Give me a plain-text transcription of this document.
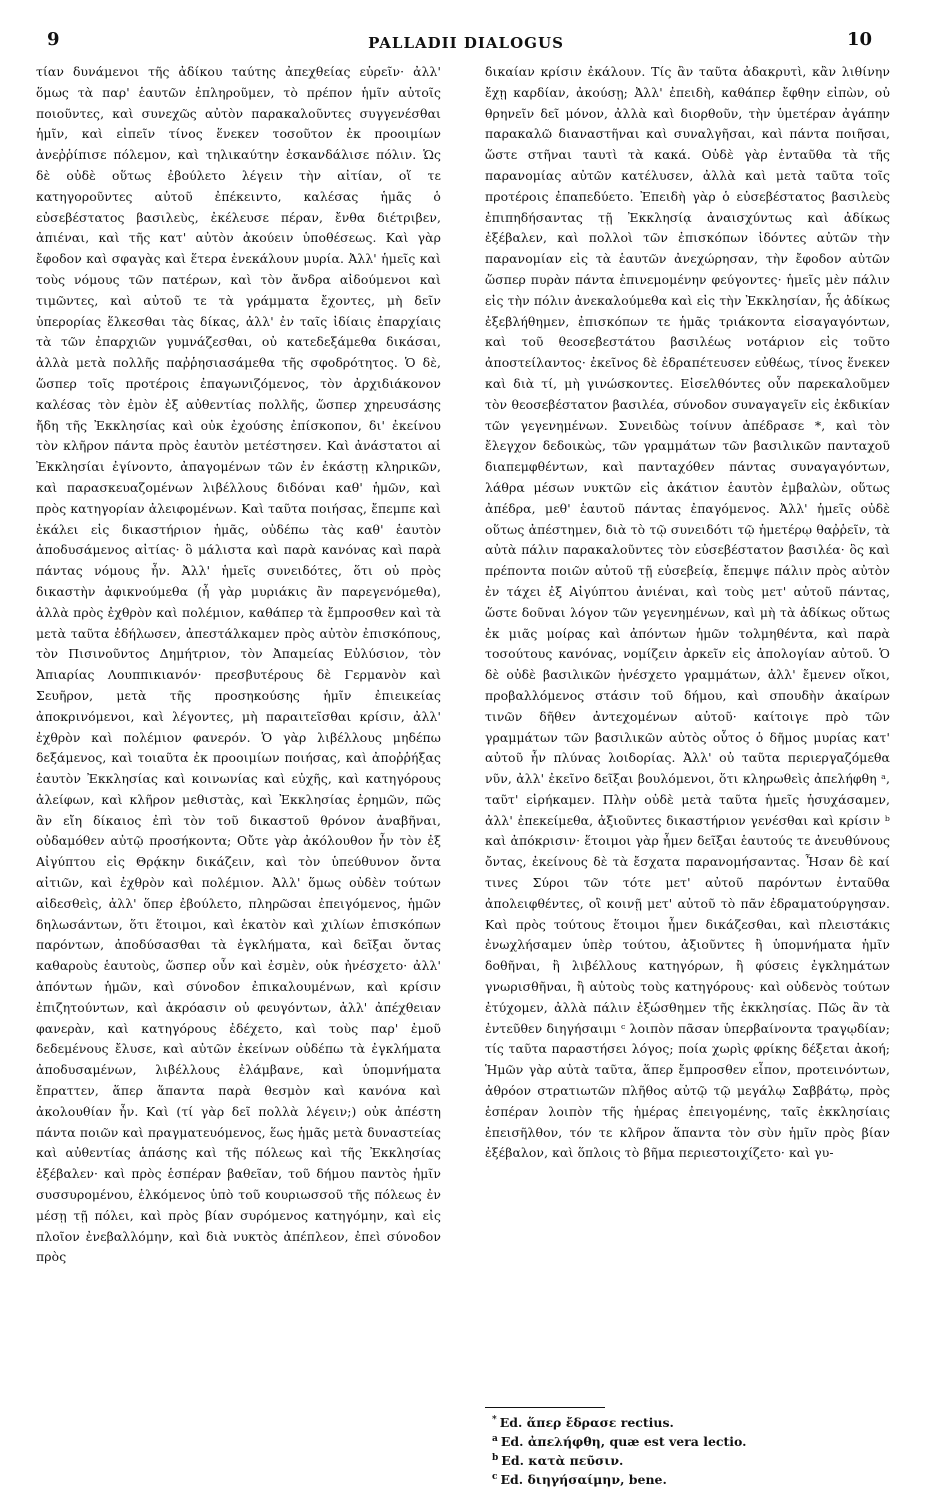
9	PALLADII DIALOGUS	10

τίαν δυνάμενοι τῆς ἀδίκου ταύτης ἀπεχθείας εὑρεῖν· ἀλλ' ὅμως τὰ παρ' ἑαυτῶν ἐπληροῦμεν, τὸ πρέπον ἡμῖν αὐτοῖς ποιοῦντες, καὶ συνεχῶς αὐτὸν παρακαλοῦντες συγγενέσθαι ἡμῖν, καὶ εἰπεῖν τίνος ἕνεκεν τοσοῦτον ἐκ προοιμίων ἀνεῤῥίπισε πόλεμον, καὶ τηλικαύτην ἐσκανδάλισε πόλιν. Ὡς δὲ οὐδὲ οὕτως ἐβούλετο λέγειν τὴν αἰτίαν, οἵ τε κατηγοροῦντες αὐτοῦ ἐπέκειντο, καλέσας ἡμᾶς ὁ εὐσεβέστατος βασιλεὺς, ἐκέλευσε πέραν, ἔνθα διέτριβεν, ἀπιέναι, καὶ τῆς κατ' αὐτὸν ἀκούειν ὑποθέσεως. Καὶ γὰρ ἔφοδον καὶ σφαγὰς καὶ ἕτερα ἐνεκάλουν μυρία. Ἀλλ' ἡμεῖς καὶ τοὺς νόμους τῶν πατέρων, καὶ τὸν ἄνδρα αἰδούμενοι καὶ τιμῶντες, καὶ αὐτοῦ τε τὰ γράμματα ἔχοντες, μὴ δεῖν ὑπερορίας ἕλκεσθαι τὰς δίκας, ἀλλ' ἐν ταῖς ἰδίαις ἐπαρχίαις τὰ τῶν ἐπαρχιῶν γυμνάζεσθαι, οὐ κατεδεξάμεθα δικάσαι, ἀλλὰ μετὰ πολλῆς παῤῥησιασάμεθα τῆς σφοδρότητος. Ὁ δὲ, ὥσπερ τοῖς προτέροις ἐπαγωνιζόμενος, τὸν ἀρχιδιάκονον καλέσας τὸν ἐμὸν ἐξ αὐθεντίας πολλῆς, ὥσπερ χηρευσάσης ἤδη τῆς Ἐκκλησίας καὶ οὐκ ἐχούσης ἐπίσκοπον, δι' ἐκείνου τὸν κλῆρον πάντα πρὸς ἑαυτὸν μετέστησεν. Καὶ ἀνάστατοι αἱ Ἐκκλησίαι ἐγίνοντο, ἀπαγομένων τῶν ἐν ἑκάστῃ κληρικῶν, καὶ παρασκευαζομένων λιβέλλους διδόναι καθ' ἡμῶν, καὶ πρὸς κατηγορίαν ἀλειφομένων. Καὶ ταῦτα ποιήσας, ἔπεμπε καὶ ἐκάλει εἰς δικαστήριον ἡμᾶς, οὐδέπω τὰς καθ' ἑαυτὸν ἀποδυσάμενος αἰτίας· ὃ μάλιστα καὶ παρὰ κανόνας καὶ παρὰ πάντας νόμους ἦν. Ἀλλ' ἡμεῖς συνειδότες, ὅτι οὐ πρὸς δικαστὴν ἀφικνούμεθα (ἦ γὰρ μυριάκις ἂν παρεγενόμεθα), ἀλλὰ πρὸς ἐχθρὸν καὶ πολέμιον, καθάπερ τὰ ἔμπροσθεν καὶ τὰ μετὰ ταῦτα ἐδήλωσεν, ἀπεστάλκαμεν πρὸς αὐτὸν ἐπισκόπους, τὸν Πισινοῦντος Δημήτριον, τὸν Ἀπαμείας Εὐλύσιον, τὸν Ἀπιαρίας Λουππικιανόν· πρεσβυτέρους δὲ Γερμανὸν καὶ Σευῆρον, μετὰ τῆς προσηκούσης ἡμῖν ἐπιεικείας ἀποκρινόμενοι, καὶ λέγοντες, μὴ παραιτεῖσθαι κρίσιν, ἀλλ' ἐχθρὸν καὶ πολέμιον φανερόν. Ὁ γὰρ λιβέλλους μηδέπω δεξάμενος, καὶ τοιαῦτα ἐκ προοιμίων ποιήσας, καὶ ἀποῤῥήξας ἑαυτὸν Ἐκκλησίας καὶ κοινωνίας καὶ εὐχῆς, καὶ κατηγόρους ἀλείφων, καὶ κλῆρον μεθιστὰς, καὶ Ἐκκλησίας ἐρημῶν, πῶς ἂν εἴη δίκαιος ἐπὶ τὸν τοῦ δικαστοῦ θρόνον ἀναβῆναι, οὐδαμόθεν αὐτῷ προσήκοντα; Οὔτε γὰρ ἀκόλουθον ἦν τὸν ἐξ Αἰγύπτου εἰς Θρᾴκην δικάζειν, καὶ τὸν ὑπεύθυνον ὄντα αἰτιῶν, καὶ ἐχθρὸν καὶ πολέμιον. Ἀλλ' ὅμως οὐδὲν τούτων αἰδεσθεὶς, ἀλλ' ὅπερ ἐβούλετο, πληρῶσαι ἐπειγόμενος, ἡμῶν δηλωσάντων, ὅτι ἕτοιμοι, καὶ ἑκατὸν καὶ χιλίων ἐπισκόπων παρόντων, ἀποδύσασθαι τὰ ἐγκλήματα, καὶ δεῖξαι ὄντας καθαροὺς ἑαυτοὺς, ὥσπερ οὖν καὶ ἐσμὲν, οὐκ ἠνέσχετο· ἀλλ' ἀπόντων ἡμῶν, καὶ σύνοδον ἐπικαλουμένων, καὶ κρίσιν ἐπιζητούντων, καὶ ἀκρόασιν οὐ φευγόντων, ἀλλ' ἀπέχθειαν φανερὰν, καὶ κατηγόρους ἐδέχετο, καὶ τοὺς παρ' ἐμοῦ δεδεμένους ἔλυσε, καὶ αὐτῶν ἐκείνων οὐδέπω τὰ ἐγκλήματα ἀποδυσαμένων, λιβέλλους ἐλάμβανε, καὶ ὑπομνήματα ἔπραττεν, ἅπερ ἅπαντα παρὰ θεσμὸν καὶ κανόνα καὶ ἀκολουθίαν ἦν. Καὶ (τί γὰρ δεῖ πολλὰ λέγειν;) οὐκ ἀπέστη πάντα ποιῶν καὶ πραγματευόμενος, ἕως ἡμᾶς μετὰ δυναστείας καὶ αὐθεντίας ἁπάσης καὶ τῆς πόλεως καὶ τῆς Ἐκκλησίας ἐξέβαλεν· καὶ πρὸς ἑσπέραν βαθεῖαν, τοῦ δήμου παντὸς ἡμῖν συσσυρομένου, ἑλκόμενος ὑπὸ τοῦ κουριωσσοῦ τῆς πόλεως ἐν μέσῃ τῇ πόλει, καὶ πρὸς βίαν συρόμενος κατηγόμην, καὶ εἰς πλοῖον ἐνεβαλλόμην, καὶ διὰ νυκτὸς ἀπέπλεον, ἐπεὶ σύνοδον πρὸς

δικαίαν κρίσιν ἐκάλουν. Τίς ἂν ταῦτα ἀδακρυτὶ, κἂν λιθίνην ἔχῃ καρδίαν, ἀκούσῃ; Ἀλλ' ἐπειδὴ, καθάπερ ἔφθην εἰπὼν, οὐ θρηνεῖν δεῖ μόνον, ἀλλὰ καὶ διορθοῦν, τὴν ὑμετέραν ἀγάπην παρακαλῶ διαναστῆναι καὶ συναλγῆσαι, καὶ πάντα ποιῆσαι, ὥστε στῆναι ταυτὶ τὰ κακά. Οὐδὲ γὰρ ἐνταῦθα τὰ τῆς παρανομίας αὐτῶν κατέλυσεν, ἀλλὰ καὶ μετὰ ταῦτα τοῖς προτέροις ἐπαπεδύετο. Ἐπειδὴ γὰρ ὁ εὐσεβέστατος βασιλεὺς ἐπιπηδήσαντας τῇ Ἐκκλησίᾳ ἀναισχύντως καὶ ἀδίκως ἐξέβαλεν, καὶ πολλοὶ τῶν ἐπισκόπων ἰδόντες αὐτῶν τὴν παρανομίαν εἰς τὰ ἑαυτῶν ἀνεχώρησαν, τὴν ἔφοδον αὐτῶν ὥσπερ πυρὰν πάντα ἐπινεμομένην φεύγοντες· ἡμεῖς μὲν πάλιν εἰς τὴν πόλιν ἀνεκαλούμεθα καὶ εἰς τὴν Ἐκκλησίαν, ἧς ἀδίκως ἐξεβλήθημεν, ἐπισκόπων τε ἡμᾶς τριάκοντα εἰσαγαγόντων, καὶ τοῦ θεοσεβεστάτου βασιλέως νοτάριον εἰς τοῦτο ἀποστείλαντος· ἐκεῖνος δὲ ἐδραπέτευσεν εὐθέως, τίνος ἕνεκεν καὶ διὰ τί, μὴ γινώσκοντες. Εἰσελθόντες οὖν παρεκαλοῦμεν τὸν θεοσεβέστατον βασιλέα, σύνοδον συναγαγεῖν εἰς ἐκδικίαν τῶν γεγενημένων. Συνειδὼς τοίνυν ἀπέδρασε *, καὶ τὸν ἔλεγχον δεδοικὼς, τῶν γραμμάτων τῶν βασιλικῶν πανταχοῦ διαπεμφθέντων, καὶ πανταχόθεν πάντας συναγαγόντων, λάθρα μέσων νυκτῶν εἰς ἀκάτιον ἑαυτὸν ἐμβαλὼν, οὕτως ἀπέδρα, μεθ' ἑαυτοῦ πάντας ἐπαγόμενος. Ἀλλ' ἡμεῖς οὐδὲ οὕτως ἀπέστημεν, διὰ τὸ τῷ συνειδότι τῷ ἡμετέρῳ θαῤῥεῖν, τὰ αὐτὰ πάλιν παρακαλοῦντες τὸν εὐσεβέστατον βασιλέα· ὃς καὶ πρέποντα ποιῶν αὐτοῦ τῇ εὐσεβείᾳ, ἔπεμψε πάλιν πρὸς αὐτὸν ἐν τάχει ἐξ Αἰγύπτου ἀνιέναι, καὶ τοὺς μετ' αὐτοῦ πάντας, ὥστε δοῦναι λόγον τῶν γεγενημένων, καὶ μὴ τὰ ἀδίκως οὕτως ἐκ μιᾶς μοίρας καὶ ἀπόντων ἡμῶν τολμηθέντα, καὶ παρὰ τοσούτους κανόνας, νομίζειν ἀρκεῖν εἰς ἀπολογίαν αὐτοῦ. Ὁ δὲ οὐδὲ βασιλικῶν ἠνέσχετο γραμμάτων, ἀλλ' ἔμενεν οἴκοι, προβαλλόμενος στάσιν τοῦ δήμου, καὶ σπουδὴν ἀκαίρων τινῶν δῆθεν ἀντεχομένων αὐτοῦ· καίτοιγε πρὸ τῶν γραμμάτων τῶν βασιλικῶν αὐτὸς οὗτος ὁ δῆμος μυρίας κατ' αὐτοῦ ἦν πλύνας λοιδορίας. Ἀλλ' οὐ ταῦτα περιεργαζόμεθα νῦν, ἀλλ' ἐκεῖνο δεῖξαι βουλόμενοι, ὅτι κληρωθεὶς ἀπελήφθη ᵃ, ταῦτ' εἰρήκαμεν. Πλὴν οὐδὲ μετὰ ταῦτα ἡμεῖς ἡσυχάσαμεν, ἀλλ' ἐπεκείμεθα, ἀξιοῦντες δικαστήριον γενέσθαι καὶ κρίσιν ᵇ καὶ ἀπόκρισιν· ἕτοιμοι γὰρ ἦμεν δεῖξαι ἑαυτούς τε ἀνευθύνους ὄντας, ἐκείνους δὲ τὰ ἔσχατα παρανομήσαντας. Ἦσαν δὲ καί τινες Σύροι τῶν τότε μετ' αὐτοῦ παρόντων ἐνταῦθα ἀπολειφθέντες, οἳ κοινῇ μετ' αὐτοῦ τὸ πᾶν ἐδραματούργησαν. Καὶ πρὸς τούτους ἕτοιμοι ἦμεν δικάζεσθαι, καὶ πλειστάκις ἐνωχλήσαμεν ὑπὲρ τούτου, ἀξιοῦντες ἢ ὑπομνήματα ἡμῖν δοθῆναι, ἢ λιβέλλους κατηγόρων, ἢ φύσεις ἐγκλημάτων γνωρισθῆναι, ἢ αὐτοὺς τοὺς κατηγόρους· καὶ οὐδενὸς τούτων ἐτύχομεν, ἀλλὰ πάλιν ἐξώσθημεν τῆς ἐκκλησίας. Πῶς ἂν τὰ ἐντεῦθεν διηγήσαιμι ᶜ λοιπὸν πᾶσαν ὑπερβαίνοντα τραγῳδίαν; τίς ταῦτα παραστήσει λόγος; ποία χωρὶς φρίκης δέξεται ἀκοή; Ἡμῶν γὰρ αὐτὰ ταῦτα, ἅπερ ἔμπροσθεν εἶπον, προτεινόντων, ἀθρόον στρατιωτῶν πλῆθος αὐτῷ τῷ μεγάλῳ Σαββάτῳ, πρὸς ἑσπέραν λοιπὸν τῆς ἡμέρας ἐπειγομένης, ταῖς ἐκκλησίαις ἐπεισῆλθον, τόν τε κλῆρον ἅπαντα τὸν σὺν ἡμῖν πρὸς βίαν ἐξέβαλον, καὶ ὅπλοις τὸ βῆμα περιεστοιχίζετο· καὶ γυ-

* Ed. ἅπερ ἔδρασε rectius.
$^a$ Ed. ἀπελήφθη, quæ est vera lectio.
$^b$ Ed. κατὰ πεῦσιν.
$^c$ Ed. διηγήσαίμην, bene.
